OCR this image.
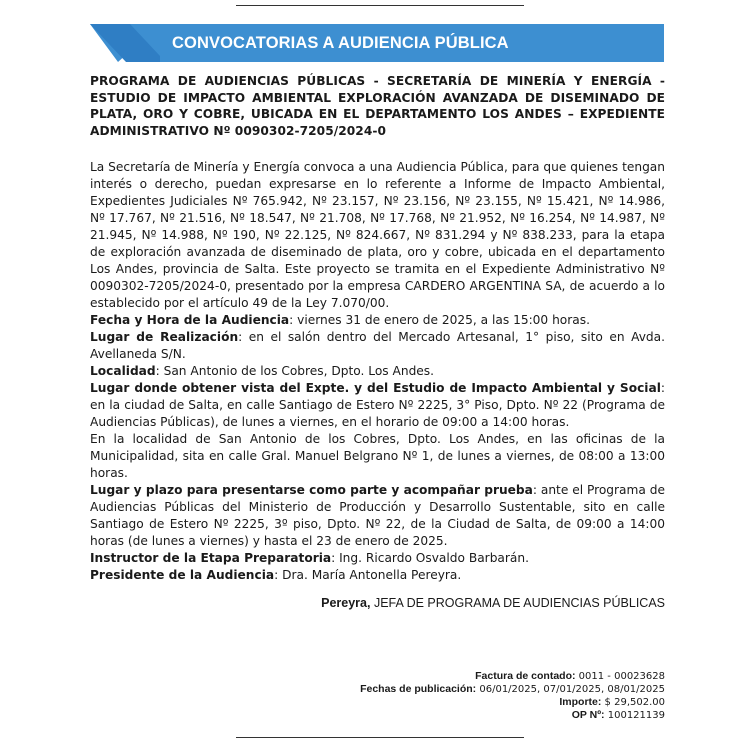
CONVOCATORIAS A AUDIENCIA PÚBLICA

PROGRAMA DE AUDIENCIAS PÚBLICAS - SECRETARÍA DE MINERÍA Y ENERGÍA - ESTUDIO DE IMPACTO AMBIENTAL EXPLORACIÓN AVANZADA DE DISEMINADO DE PLATA, ORO Y COBRE, UBICADA EN EL DEPARTAMENTO LOS ANDES – EXPEDIENTE ADMINISTRATIVO Nº 0090302-7205/2024-0

La Secretaría de Minería y Energía convoca a una Audiencia Pública, para que quienes tengan interés o derecho, puedan expresarse en lo referente a Informe de Impacto Ambiental, Expedientes Judiciales Nº 765.942, Nº 23.157, Nº 23.156, Nº 23.155, Nº 15.421, Nº 14.986, Nº 17.767, Nº 21.516, Nº 18.547, Nº 21.708, Nº 17.768, Nº 21.952, Nº 16.254, Nº 14.987, Nº 21.945, Nº 14.988, Nº 190, Nº 22.125, Nº 824.667, Nº 831.294 y Nº 838.233, para la etapa de exploración avanzada de diseminado de plata, oro y cobre, ubicada en el departamento Los Andes, provincia de Salta. Este proyecto se tramita en el Expediente Administrativo Nº 0090302-7205/2024-0, presentado por la empresa CARDERO ARGENTINA SA, de acuerdo a lo establecido por el artículo 49 de la Ley 7.070/00.

Fecha y Hora de la Audiencia: viernes 31 de enero de 2025, a las 15:00 horas.

Lugar de Realización: en el salón dentro del Mercado Artesanal, 1° piso, sito en Avda. Avellaneda S/N.

Localidad: San Antonio de los Cobres, Dpto. Los Andes.

Lugar donde obtener vista del Expte. y del Estudio de Impacto Ambiental y Social: en la ciudad de Salta, en calle Santiago de Estero Nº 2225, 3° Piso, Dpto. Nº 22 (Programa de Audiencias Públicas), de lunes a viernes, en el horario de 09:00 a 14:00 horas.

En la localidad de San Antonio de los Cobres, Dpto. Los Andes, en las oficinas de la Municipalidad, sita en calle Gral. Manuel Belgrano Nº 1, de lunes a viernes, de 08:00 a 13:00 horas.

Lugar y plazo para presentarse como parte y acompañar prueba: ante el Programa de Audiencias Públicas del Ministerio de Producción y Desarrollo Sustentable, sito en calle Santiago de Estero Nº 2225, 3º piso, Dpto. Nº 22, de la Ciudad de Salta, de 09:00 a 14:00 horas (de lunes a viernes) y hasta el 23 de enero de 2025.

Instructor de la Etapa Preparatoria: Ing. Ricardo Osvaldo Barbarán.

Presidente de la Audiencia: Dra. María Antonella Pereyra.

Pereyra, JEFA DE PROGRAMA DE AUDIENCIAS PÚBLICAS
Factura de contado: 0011 - 00023628
Fechas de publicación: 06/01/2025, 07/01/2025, 08/01/2025
Importe: $ 29,502.00
OP Nº: 100121139
